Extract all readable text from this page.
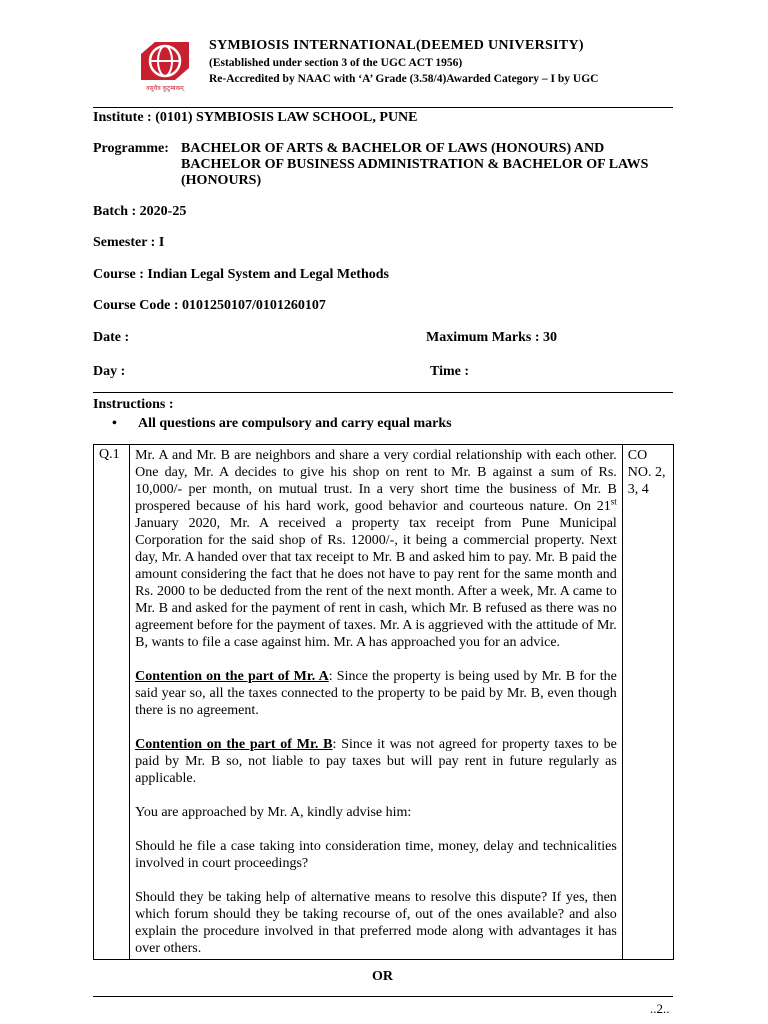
वसुधैव कुटुम्बकम्
SYMBIOSIS INTERNATIONAL(DEEMED UNIVERSITY)
(Established under section 3 of the UGC ACT 1956)
Re-Accredited by NAAC with ‘A’ Grade (3.58/4)Awarded Category – I by UGC
Institute : (0101) SYMBIOSIS LAW SCHOOL, PUNE
Programme: BACHELOR OF ARTS & BACHELOR OF LAWS (HONOURS) AND BACHELOR OF BUSINESS ADMINISTRATION & BACHELOR OF LAWS (HONOURS)
Batch : 2020-25
Semester : I
Course : Indian Legal System and Legal Methods
Course Code : 0101250107/0101260107
Date :	Maximum Marks : 30
Day :	Time :
Instructions :
• All questions are compulsory and carry equal marks
Q.1	Mr. A and Mr. B are neighbors and share a very cordial relationship with each other. One day, Mr. A decides to give his shop on rent to Mr. B against a sum of Rs. 10,000/- per month, on mutual trust. In a very short time the business of Mr. B prospered because of his hard work, good behavior and courteous nature. On 21st January 2020, Mr. A received a property tax receipt from Pune Municipal Corporation for the said shop of Rs. 12000/-, it being a commercial property. Next day, Mr. A handed over that tax receipt to Mr. B and asked him to pay. Mr. B paid the amount considering the fact that he does not have to pay rent for the same month and Rs. 2000 to be deducted from the rent of the next month. After a week, Mr. A came to Mr. B and asked for the payment of rent in cash, which Mr. B refused as there was no agreement before for the payment of taxes. Mr. A is aggrieved with the attitude of Mr. B, wants to file a case against him. Mr. A has approached you for an advice.

Contention on the part of Mr. A: Since the property is being used by Mr. B for the said year so, all the taxes connected to the property to be paid by Mr. B, even though there is no agreement.

Contention on the part of Mr. B: Since it was not agreed for property taxes to be paid by Mr. B so, not liable to pay taxes but will pay rent in future regularly as applicable.

You are approached by Mr. A, kindly advise him:

Should he file a case taking into consideration time, money, delay and technicalities involved in court proceedings?

Should they be taking help of alternative means to resolve this dispute? If yes, then which forum should they be taking recourse of, out of the ones available? and also explain the procedure involved in that preferred mode along with advantages it has over others.

	CO NO. 2, 3, 4
OR
..2..
